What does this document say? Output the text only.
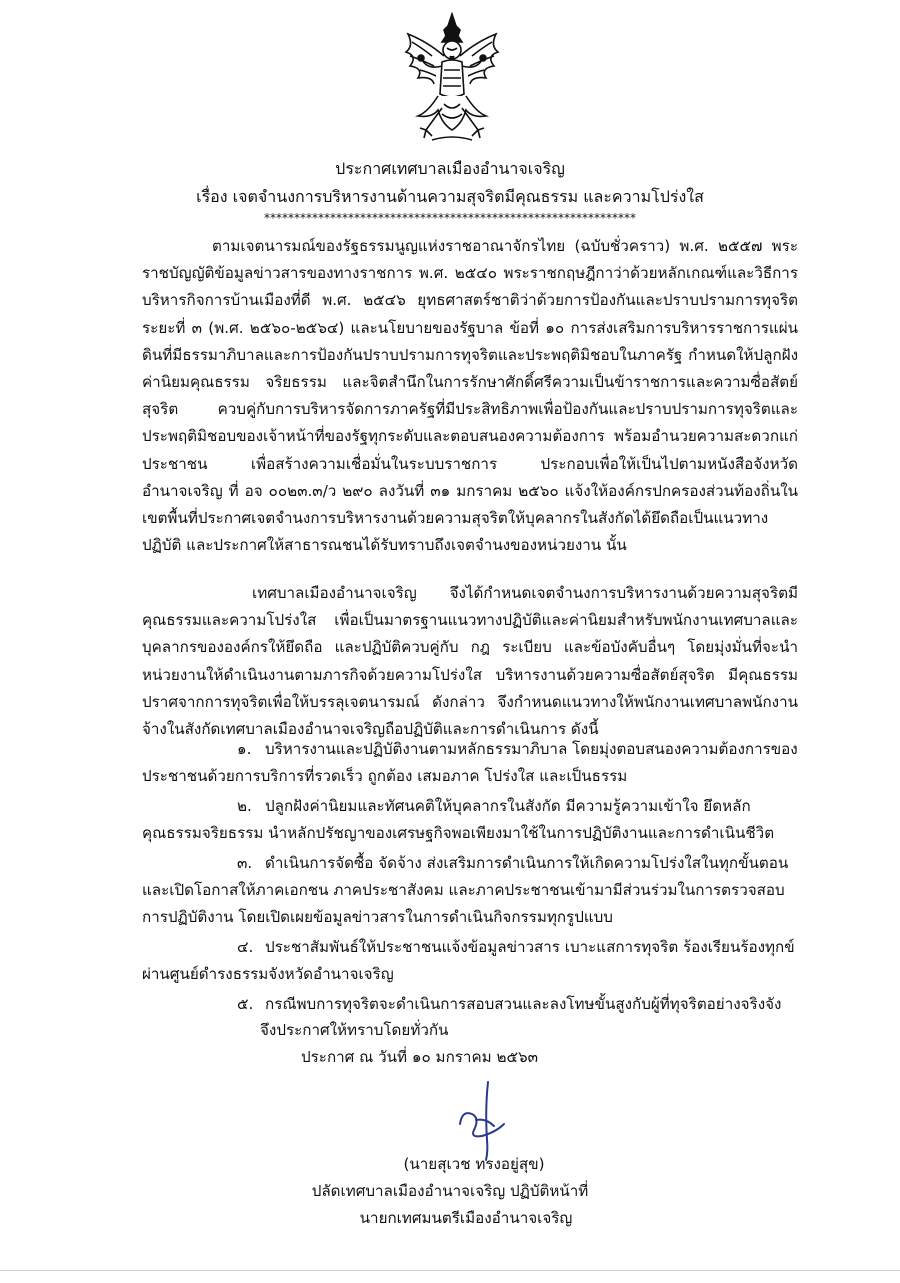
ประกาศเทศบาลเมืองอำนาจเจริญ
เรื่อง เจตจำนงการบริหารงานด้านความสุจริตมีคุณธรรม และความโปร่งใส
**************************************************************
ตามเจตนารมณ์ของรัฐธรรมนูญแห่งราชอาณาจักรไทย (ฉบับชั่วคราว) พ.ศ. ๒๕๕๗ พระราชบัญญัติข้อมูลข่าวสารของทางราชการ พ.ศ. ๒๕๔๐ พระราชกฤษฎีกาว่าด้วยหลักเกณฑ์และวิธีการบริหารกิจการบ้านเมืองที่ดี พ.ศ. ๒๕๔๖ ยุทธศาสตร์ชาติว่าด้วยการป้องกันและปราบปรามการทุจริตระยะที่ ๓ (พ.ศ. ๒๕๖๐-๒๕๖๔) และนโยบายของรัฐบาล ข้อที่ ๑๐ การส่งเสริมการบริหารราชการแผ่นดินที่มีธรรมาภิบาลและการป้องกันปราบปรามการทุจริตและประพฤติมิชอบในภาครัฐ กำหนดให้ปลูกฝังค่านิยมคุณธรรม จริยธรรม และจิตสำนึกในการรักษาศักดิ์ศรีความเป็นข้าราชการและความซื่อสัตย์สุจริต ควบคู่กับการบริหารจัดการภาครัฐที่มีประสิทธิภาพเพื่อป้องกันและปราบปรามการทุจริตและประพฤติมิชอบของเจ้าหน้าที่ของรัฐทุกระดับและตอบสนองความต้องการ พร้อมอำนวยความสะดวกแก่ประชาชน เพื่อสร้างความเชื่อมั่นในระบบราชการ ประกอบเพื่อให้เป็นไปตามหนังสือจังหวัดอำนาจเจริญ ที่ อจ ๐๐๒๓.๓/ว ๒๙๐ ลงวันที่ ๓๑ มกราคม ๒๕๖๐ แจ้งให้องค์กรปกครองส่วนท้องถิ่นในเขตพื้นที่ประกาศเจตจำนงการบริหารงานด้วยความสุจริตให้บุคลากรในสังกัดได้ยึดถือเป็นแนวทางปฏิบัติ และประกาศให้สาธารณชนได้รับทราบถึงเจตจำนงของหน่วยงาน นั้น
เทศบาลเมืองอำนาจเจริญ จึงได้กำหนดเจตจำนงการบริหารงานด้วยความสุจริตมีคุณธรรมและความโปร่งใส เพื่อเป็นมาตรฐานแนวทางปฏิบัติและค่านิยมสำหรับพนักงานเทศบาลและบุคลากรขององค์กรให้ยึดถือ และปฏิบัติควบคู่กับ กฎ ระเบียบ และข้อบังคับอื่นๆ โดยมุ่งมั่นที่จะนำหน่วยงานให้ดำเนินงานตามภารกิจด้วยความโปร่งใส บริหารงานด้วยความซื่อสัตย์สุจริต มีคุณธรรม ปราศจากการทุจริตเพื่อให้บรรลุเจตนารมณ์ ดังกล่าว จึงกำหนดแนวทางให้พนักงานเทศบาลพนักงานจ้างในสังกัดเทศบาลเมืองอำนาจเจริญถือปฏิบัติและการดำเนินการ ดังนี้
๑. บริหารงานและปฏิบัติงานตามหลักธรรมาภิบาล โดยมุ่งตอบสนองความต้องการของประชาชนด้วยการบริการที่รวดเร็ว ถูกต้อง เสมอภาค โปร่งใส และเป็นธรรม
๒. ปลูกฝังค่านิยมและทัศนคติให้บุคลากรในสังกัด มีความรู้ความเข้าใจ ยึดหลักคุณธรรมจริยธรรม นำหลักปรัชญาของเศรษฐกิจพอเพียงมาใช้ในการปฏิบัติงานและการดำเนินชีวิต
๓. ดำเนินการจัดซื้อ จัดจ้าง ส่งเสริมการดำเนินการให้เกิดความโปร่งใสในทุกขั้นตอนและเปิดโอกาสให้ภาคเอกชน ภาคประชาสังคม และภาคประชาชนเข้ามามีส่วนร่วมในการตรวจสอบการปฏิบัติงาน โดยเปิดเผยข้อมูลข่าวสารในการดำเนินกิจกรรมทุกรูปแบบ
๔. ประชาสัมพันธ์ให้ประชาชนแจ้งข้อมูลข่าวสาร เบาะแสการทุจริต ร้องเรียนร้องทุกข์ผ่านศูนย์ดำรงธรรมจังหวัดอำนาจเจริญ
๕. กรณีพบการทุจริตจะดำเนินการสอบสวนและลงโทษขั้นสูงกับผู้ที่ทุจริตอย่างจริงจัง
จึงประกาศให้ทราบโดยทั่วกัน
ประกาศ ณ วันที่ ๑๐ มกราคม ๒๕๖๓
(นายสุเวช ทรงอยู่สุข)
ปลัดเทศบาลเมืองอำนาจเจริญ ปฏิบัติหน้าที่
นายกเทศมนตรีเมืองอำนาจเจริญ
